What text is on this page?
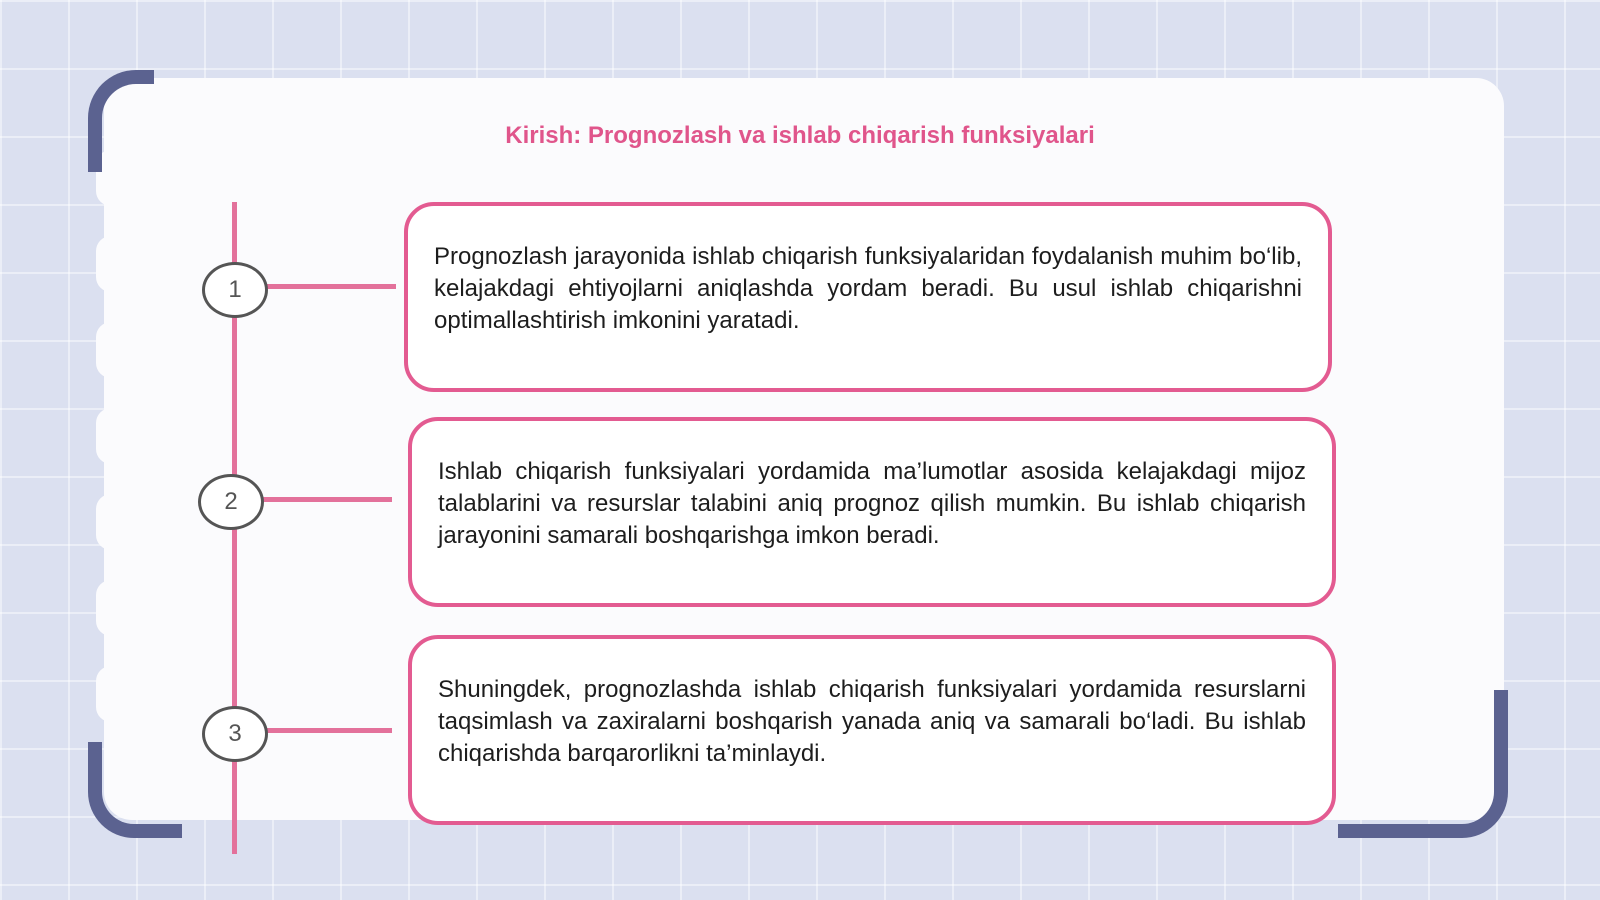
Kirish: Prognozlash va ishlab chiqarish funksiyalari
1
2
3

Prognozlash jarayonida ishlab chiqarish funksiyalaridan foydalanish muhim bo‘lib, kelajakdagi ehtiyojlarni aniqlashda yordam beradi. Bu usul ishlab chiqarishni optimallashtirish imkonini yaratadi.

Ishlab chiqarish funksiyalari yordamida ma’lumotlar asosida kelajakdagi mijoz talablarini va resurslar talabini aniq prognoz qilish mumkin. Bu ishlab chiqarish jarayonini samarali boshqarishga imkon beradi.

Shuningdek, prognozlashda ishlab chiqarish funksiyalari yordamida resurslarni taqsimlash va zaxiralarni boshqarish yanada aniq va samarali bo‘ladi. Bu ishlab chiqarishda barqarorlikni ta’minlaydi.
